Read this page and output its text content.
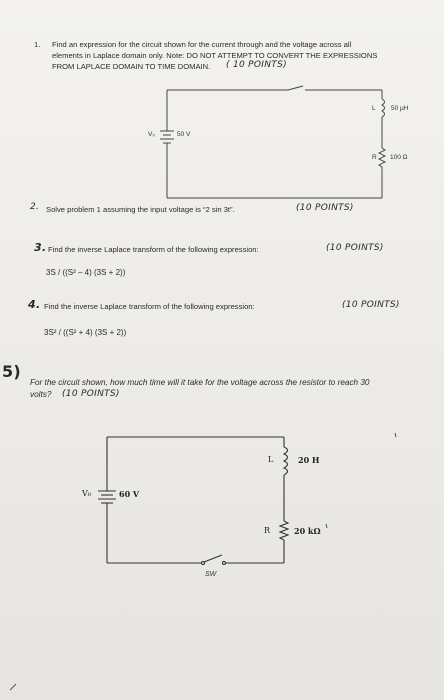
1. Find an expression for the circuit shown for the current through and the voltage across all
elements in Laplace domain only. Note: DO NOT ATTEMPT TO CONVERT THE EXPRESSIONS
FROM LAPLACE DOMAIN TO TIME DOMAIN. ( 10 POINTS)
V₀	50 V
L 50 μH
R 100 Ω
2. Solve problem 1 assuming the input voltage is “2 sin 3t”.	(10 POINTS)
3. Find the inverse Laplace transform of the following expression:	(10 POINTS)
3S / ((S² – 4) (3S + 2))
4. Find the inverse Laplace transform of the following expression:	(10 POINTS)
3S² / ((S² + 4) (3S + 2))
5)
For the circuit shown, how much time will it take for the voltage across the resistor to reach 30
volts? (10 POINTS)
V₀	60 V
L	20 H
R	20 kΩ
SW
